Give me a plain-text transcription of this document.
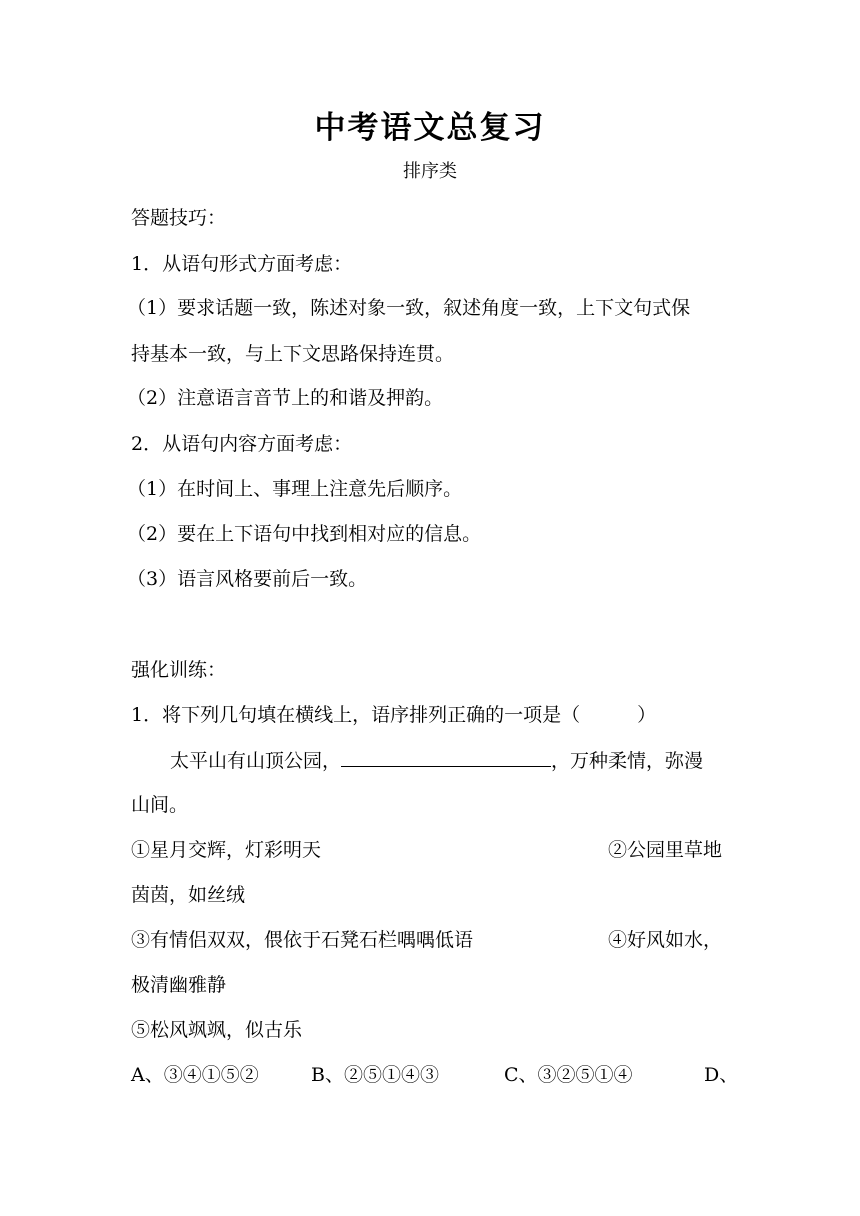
中考语文总复习
排序类
答题技巧：
1．从语句形式方面考虑：
（1）要求话题一致，陈述对象一致，叙述角度一致，上下文句式保
持基本一致，与上下文思路保持连贯。
（2）注意语言音节上的和谐及押韵。
2．从语句内容方面考虑：
（1）在时间上、事理上注意先后顺序。
（2）要在上下语句中找到相对应的信息。
（3）语言风格要前后一致。
强化训练：
1．将下列几句填在横线上，语序排列正确的一项是（　　　）
太平山有山顶公园，	，万种柔情，弥漫
山间。
①星月交辉，灯彩明天	②公园里草地
茵茵，如丝绒
③有情侣双双，偎依于石凳石栏喁喁低语	④好风如水，
极清幽雅静
⑤松风飒飒，似古乐
A、③④①⑤②	B、②⑤①④③	C、③②⑤①④	D、
